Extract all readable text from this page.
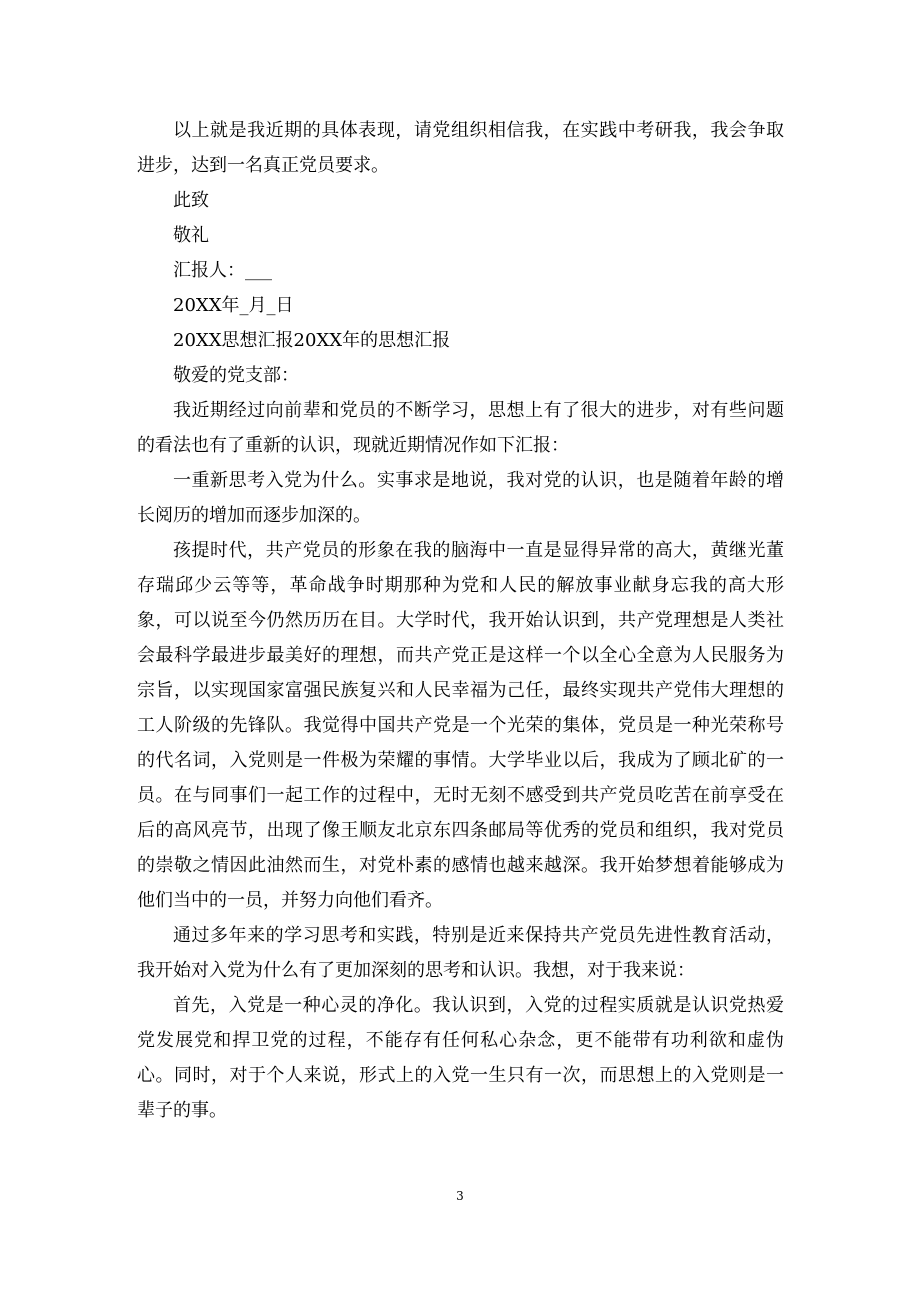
以上就是我近期的具体表现，请党组织相信我，在实践中考研我，我会争取进步，达到一名真正党员要求。

此致

敬礼

汇报人：___

20XX年_月_日

20XX思想汇报20XX年的思想汇报

敬爱的党支部：

我近期经过向前辈和党员的不断学习，思想上有了很大的进步，对有些问题的看法也有了重新的认识，现就近期情况作如下汇报：

一重新思考入党为什么。实事求是地说，我对党的认识，也是随着年龄的增长阅历的增加而逐步加深的。

孩提时代，共产党员的形象在我的脑海中一直是显得异常的高大，黄继光董存瑞邱少云等等，革命战争时期那种为党和人民的解放事业献身忘我的高大形象，可以说至今仍然历历在目。大学时代，我开始认识到，共产党理想是人类社会最科学最进步最美好的理想，而共产党正是这样一个以全心全意为人民服务为宗旨，以实现国家富强民族复兴和人民幸福为己任，最终实现共产党伟大理想的工人阶级的先锋队。我觉得中国共产党是一个光荣的集体，党员是一种光荣称号的代名词，入党则是一件极为荣耀的事情。大学毕业以后，我成为了顾北矿的一员。在与同事们一起工作的过程中，无时无刻不感受到共产党员吃苦在前享受在后的高风亮节，出现了像王顺友北京东四条邮局等优秀的党员和组织，我对党员的崇敬之情因此油然而生，对党朴素的感情也越来越深。我开始梦想着能够成为他们当中的一员，并努力向他们看齐。

通过多年来的学习思考和实践，特别是近来保持共产党员先进性教育活动，我开始对入党为什么有了更加深刻的思考和认识。我想，对于我来说：

首先，入党是一种心灵的净化。我认识到，入党的过程实质就是认识党热爱党发展党和捍卫党的过程，不能存有任何私心杂念，更不能带有功利欲和虚伪心。同时，对于个人来说，形式上的入党一生只有一次，而思想上的入党则是一辈子的事。

3
